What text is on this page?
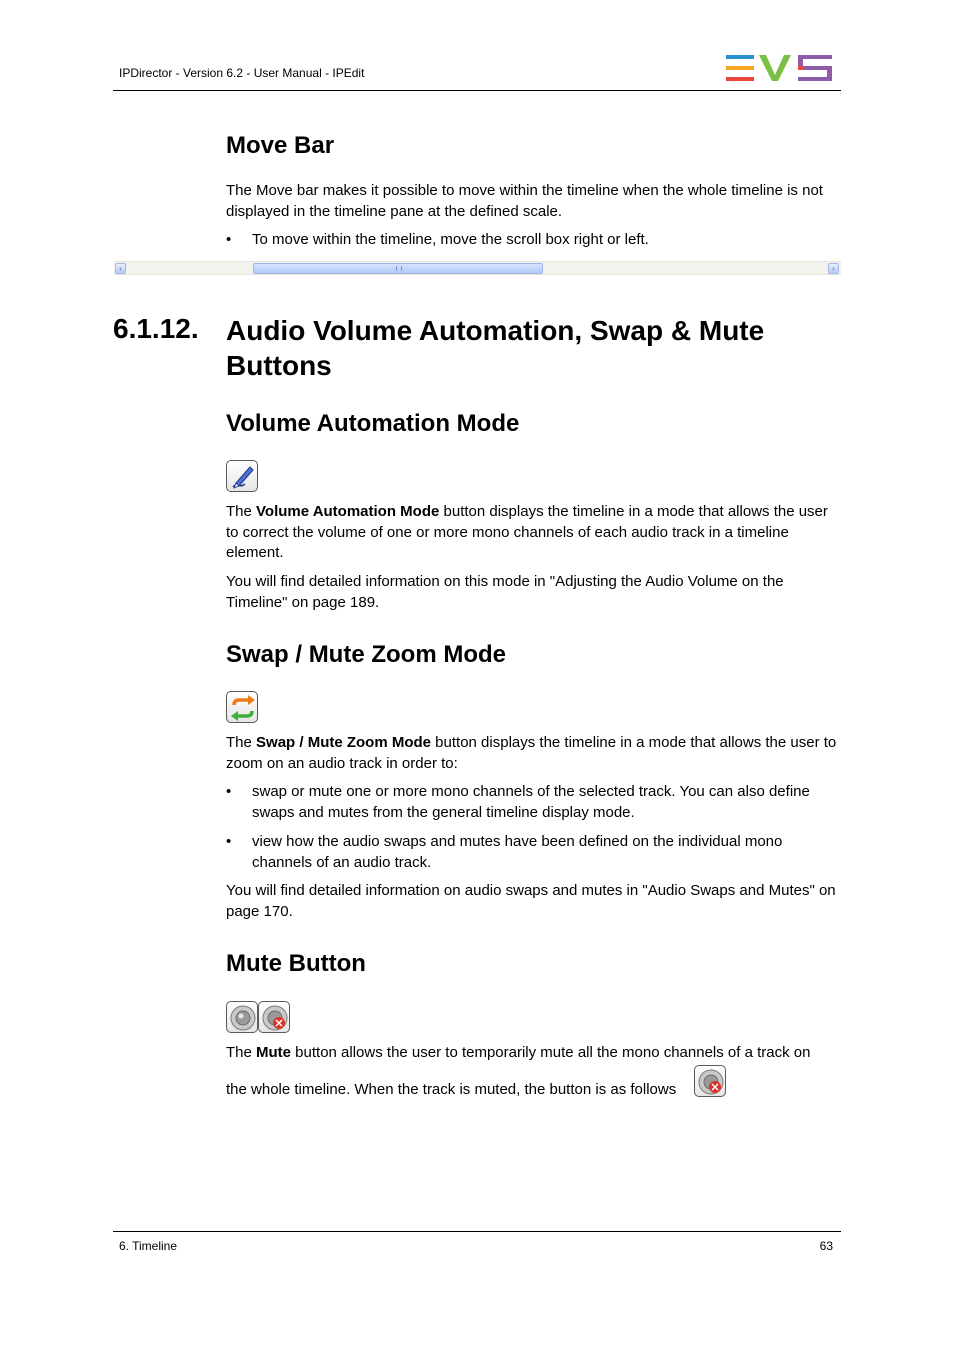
IPDirector - Version 6.2 - User Manual - IPEdit
Move Bar
The Move bar makes it possible to move within the timeline when the whole timeline is not displayed in the timeline pane at the defined scale.
• To move within the timeline, move the scroll box right or left.
‹	›
6.1.12. Audio Volume Automation, Swap & Mute Buttons
Volume Automation Mode
The Volume Automation Mode button displays the timeline in a mode that allows the user to correct the volume of one or more mono channels of each audio track in a timeline element.
You will find detailed information on this mode in "Adjusting the Audio Volume on the Timeline" on page 189.
Swap / Mute Zoom Mode
The Swap / Mute Zoom Mode button displays the timeline in a mode that allows the user to zoom on an audio track in order to:
• swap or mute one or more mono channels of the selected track. You can also define swaps and mutes from the general timeline display mode.
• view how the audio swaps and mutes have been defined on the individual mono channels of an audio track.
You will find detailed information on audio swaps and mutes in "Audio Swaps and Mutes" on page 170.
Mute Button
The Mute button allows the user to temporarily mute all the mono channels of a track on
the whole timeline. When the track is muted, the button is as follows
6. Timeline	63
